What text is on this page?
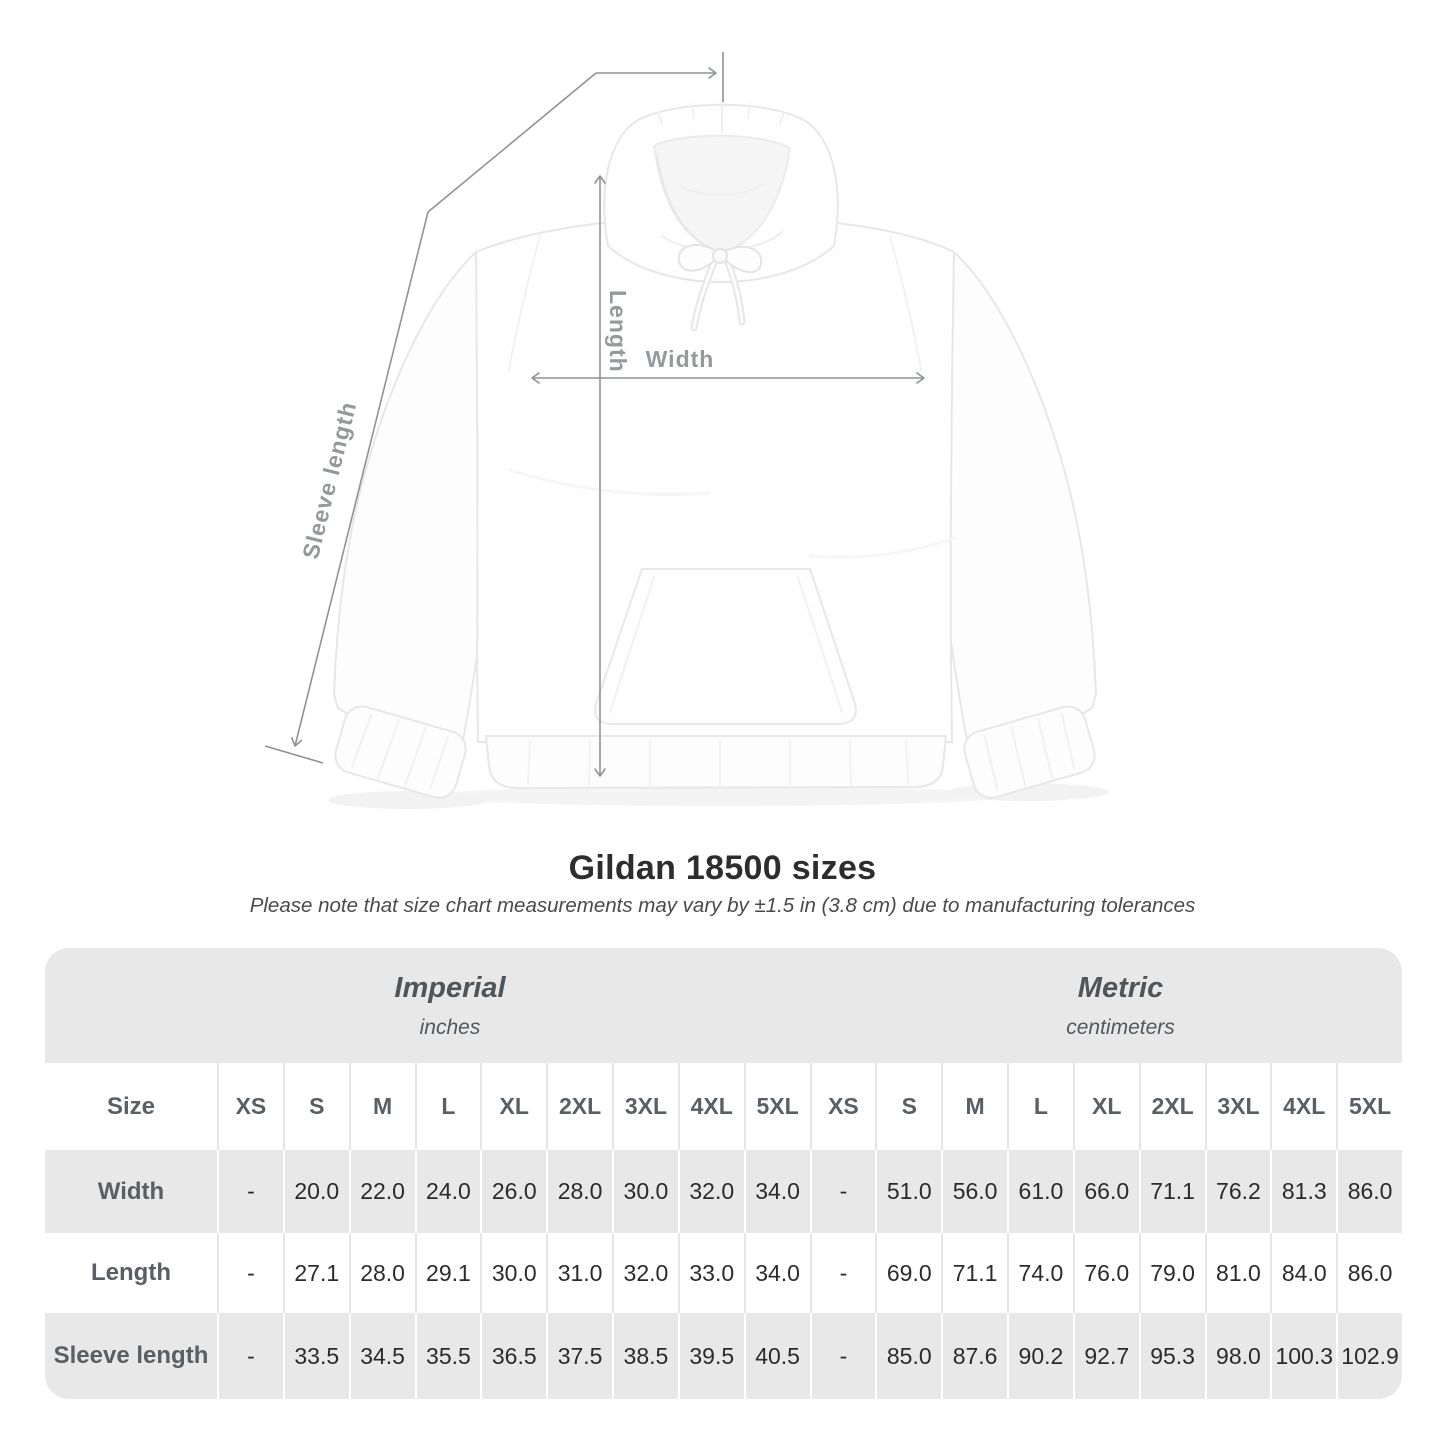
Length Width
Sleeve length
Gildan 18500 sizes
Please note that size chart measurements may vary by ±1.5 in (3.8 cm) due to manufacturing tolerances
Imperial
inches
Metric
centimeters
Size	XS	S	M	L	XL	2XL	3XL	4XL	5XL	XS	S	M	L	XL	2XL	3XL	4XL	5XL
Width	-	20.0 22.0 24.0 26.0 28.0 30.0 32.0 34.0	-	51.0 56.0 61.0 66.0 71.1 76.2 81.3 86.0
Length	-	27.1 28.0 29.1 30.0 31.0 32.0 33.0 34.0	-	69.0 71.1 74.0 76.0 79.0 81.0 84.0 86.0
Sleeve length	-	33.5 34.5 35.5 36.5 37.5 38.5 39.5 40.5	-	85.0 87.6 90.2 92.7 95.3 98.0 100.3 102.9
